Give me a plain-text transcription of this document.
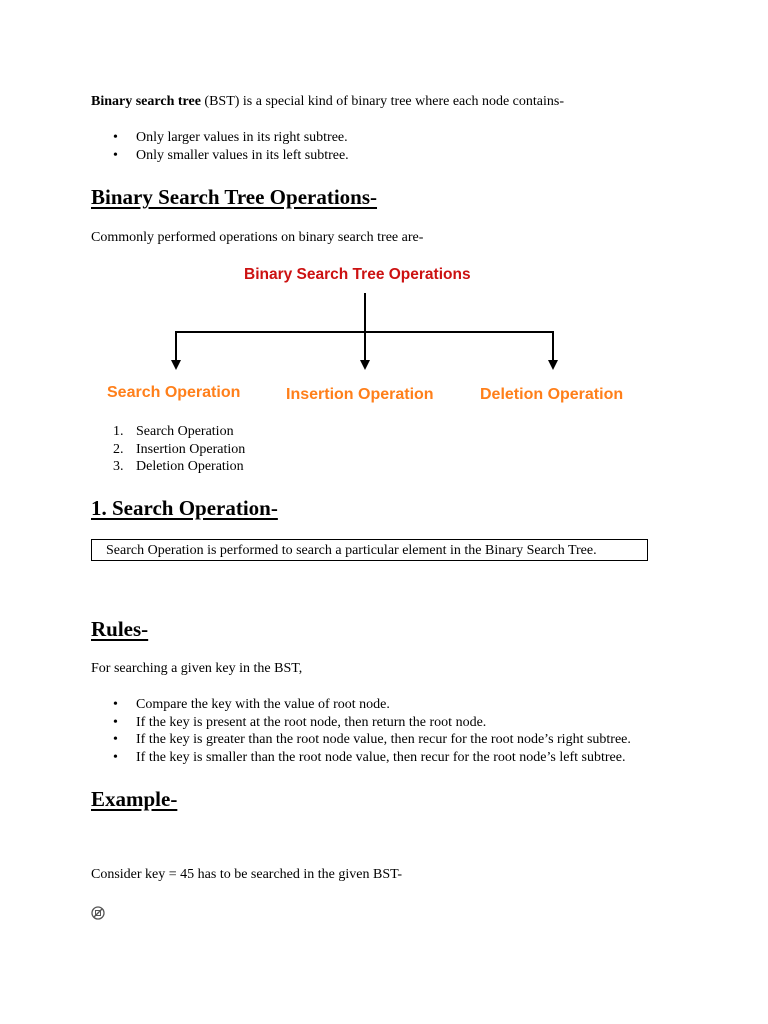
Binary search tree (BST) is a special kind of binary tree where each node contains-
• Only larger values in its right subtree.
• Only smaller values in its left subtree.
Binary Search Tree Operations-
Commonly performed operations on binary search tree are-
Binary Search Tree Operations
Search Operation	Insertion Operation	Deletion Operation
1. Search Operation
2. Insertion Operation
3. Deletion Operation
1. Search Operation-
Search Operation is performed to search a particular element in the Binary Search Tree.
Rules-
For searching a given key in the BST,
• Compare the key with the value of root node.
• If the key is present at the root node, then return the root node.
• If the key is greater than the root node value, then recur for the root node’s right subtree.
• If the key is smaller than the root node value, then recur for the root node’s left subtree.
Example-
Consider key = 45 has to be searched in the given BST-
